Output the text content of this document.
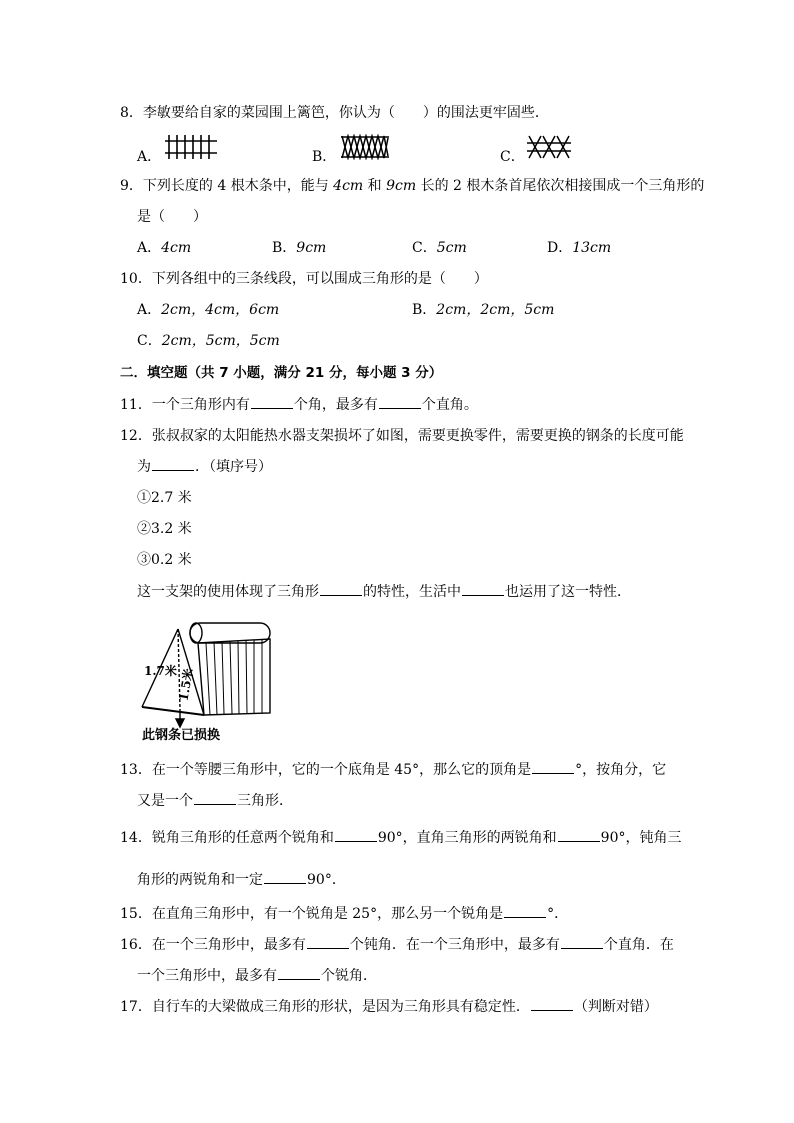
8．李敏要给自家的菜园围上篱笆，你认为（　　）的围法更牢固些．
A．	B．	C．
9．下列长度的 4 根木条中，能与 4cm 和 9cm 长的 2 根木条首尾依次相接围成一个三角形的
是（　　）
A．4cm	B．9cm	C．5cm	D．13cm
10．下列各组中的三条线段，可以围成三角形的是（　　）
A．2cm，4cm，6cm	B．2cm，2cm，5cm
C．2cm，5cm，5cm
二．填空题（共 7 小题，满分 21 分，每小题 3 分）
11．一个三角形内有	个角，最多有	个直角。
12．张叔叔家的太阳能热水器支架损坏了如图，需要更换零件，需要更换的钢条的长度可能
为	．（填序号）
①2.7 米
②3.2 米
③0.2 米
这一支架的使用体现了三角形	的特性，生活中	也运用了这一特性．
1.7米 1.5米
此钢条已损换
13．在一个等腰三角形中，它的一个底角是 45°，那么它的顶角是	°，按角分，它
又是一个	三角形．
14．锐角三角形的任意两个锐角和	90°，直角三角形的两锐角和	90°，钝角三
角形的两锐角和一定	90°．
15．在直角三角形中，有一个锐角是 25°，那么另一个锐角是	°．
16．在一个三角形中，最多有	个钝角．在一个三角形中，最多有	个直角．在
一个三角形中，最多有	个锐角．
17．自行车的大梁做成三角形的形状，是因为三角形具有稳定性．	（判断对错）
